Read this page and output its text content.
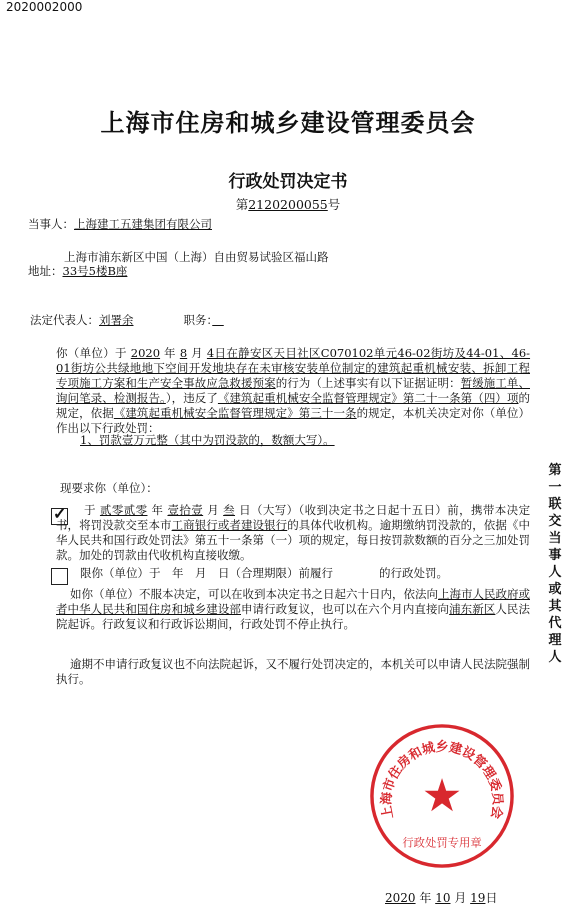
2020002000
上海市住房和城乡建设管理委员会
行政处罚决定书
第2120200055号
当事人：上海建工五建集团有限公司
上海市浦东新区中国（上海）自由贸易试验区福山路
地址：33号5楼B座
法定代表人：刘署余	职务：　
你（单位）于 2020 年 8 月 4日在静安区天目社区C070102单元46-02街坊及44-01、46-01街坊公共绿地地下空间开发地块存在未审核安装单位制定的建筑起重机械安装、拆卸工程专项施工方案和生产安全事故应急救援预案的行为（上述事实有以下证据证明：暂缓施工单、询问笔录、检测报告。），违反了《建筑起重机械安全监督管理规定》第二十一条第（四）项的规定，依据《建筑起重机械安全监督管理规定》第三十一条的规定，本机关决定对你（单位）作出以下行政处罚：
1、罚款壹万元整（其中为罚没款的，数额大写）。
现要求你（单位）：
✓	于 贰零贰零 年 壹拾壹 月 叁 日（大写）（收到决定书之日起十五日）前，携带本决定书，将罚没款交至本市工商银行或者建设银行的具体代收机构。逾期缴纳罚没款的，依据《中华人民共和国行政处罚法》第五十一条第（一）项的规定，每日按罚款数额的百分之三加处罚款。加处的罚款由代收机构直接收缴。
限你（单位）于　年　月　日（合理期限）前履行　　　　的行政处罚。
如你（单位）不服本决定，可以在收到本决定书之日起六十日内，依法向上海市人民政府或者中华人民共和国住房和城乡建设部申请行政复议，也可以在六个月内直接向浦东新区人民法院起诉。行政复议和行政诉讼期间，行政处罚不停止执行。
逾期不申请行政复议也不向法院起诉，又不履行处罚决定的，本机关可以申请人民法院强制执行。
第一联　交当事人或其代理人
上海市住房和城乡建设管理委员会
★
行政处罚专用章
2020 年 10 月 19日
